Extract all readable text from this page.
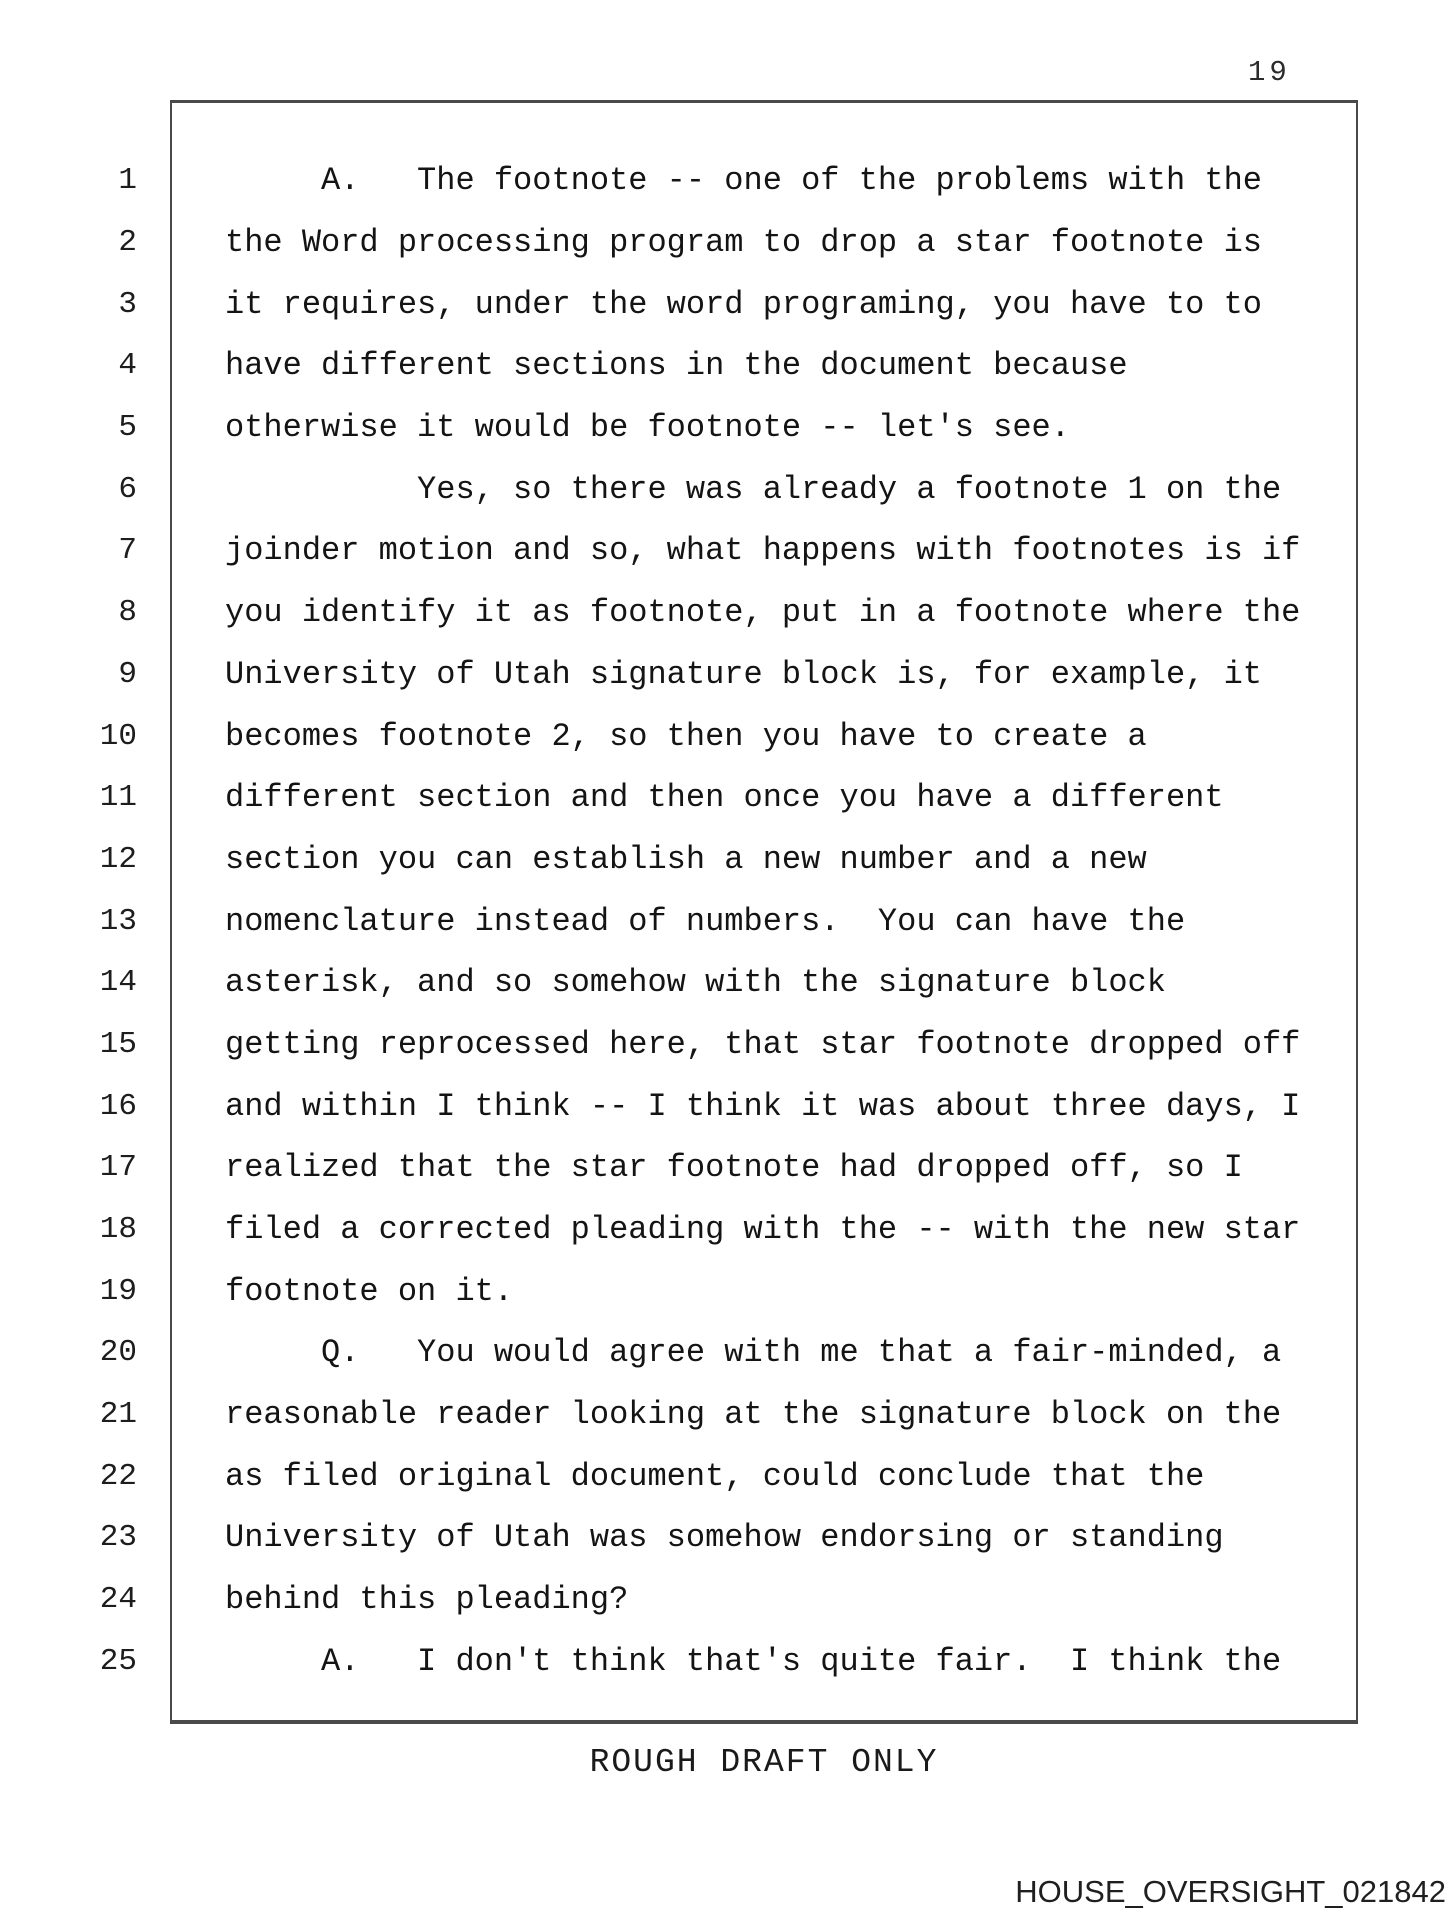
19
1	A.   The footnote -- one of the problems with the
2	the Word processing program to drop a star footnote is
3	it requires, under the word programing, you have to to
4	have different sections in the document because
5	otherwise it would be footnote -- let's see.
6	Yes, so there was already a footnote 1 on the
7	joinder motion and so, what happens with footnotes is if
8	you identify it as footnote, put in a footnote where the
9	University of Utah signature block is, for example, it
10	becomes footnote 2, so then you have to create a
11	different section and then once you have a different
12	section you can establish a new number and a new
13	nomenclature instead of numbers.  You can have the
14	asterisk, and so somehow with the signature block
15	getting reprocessed here, that star footnote dropped off
16	and within I think -- I think it was about three days, I
17	realized that the star footnote had dropped off, so I
18	filed a corrected pleading with the -- with the new star
19	footnote on it.
20	Q.   You would agree with me that a fair-minded, a
21	reasonable reader looking at the signature block on the
22	as filed original document, could conclude that the
23	University of Utah was somehow endorsing or standing
24	behind this pleading?
25	A.   I don't think that's quite fair.  I think the
ROUGH DRAFT ONLY
HOUSE_OVERSIGHT_021842
